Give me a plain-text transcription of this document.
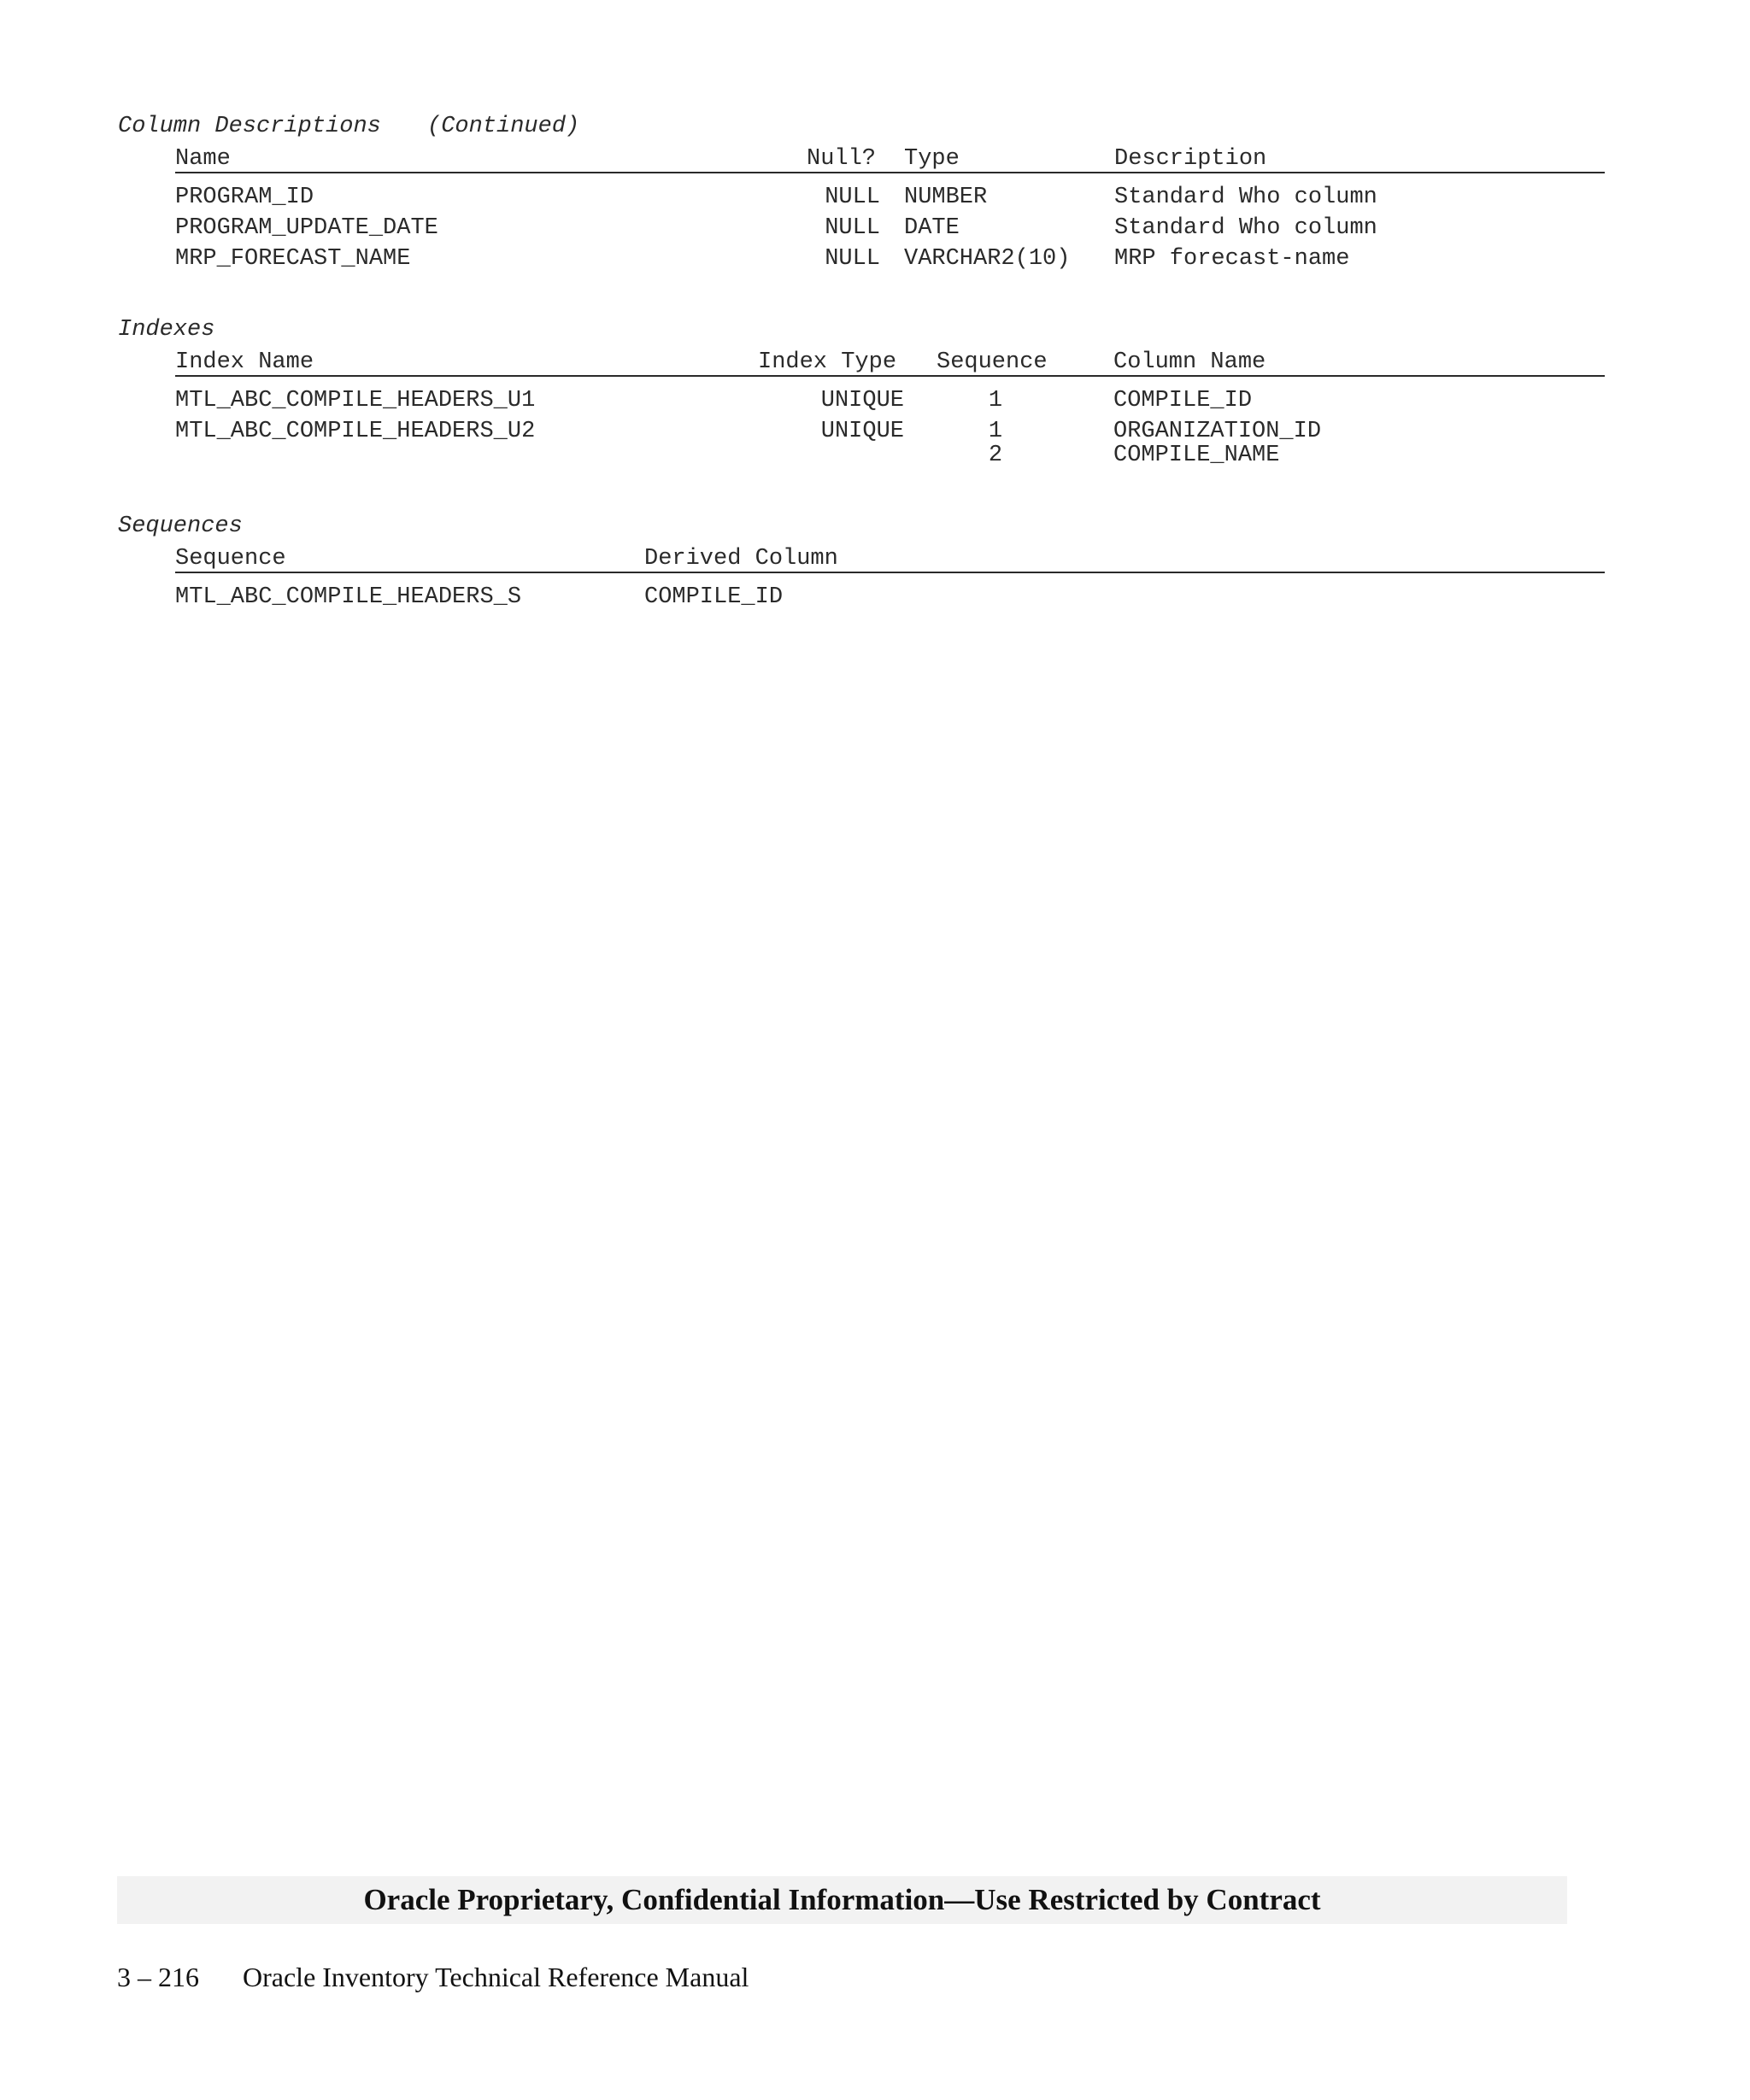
Column Descriptions (Continued)
Name	Null? Type	Description
PROGRAM_ID	NULL NUMBER	Standard Who column
PROGRAM_UPDATE_DATE	NULL DATE	Standard Who column
MRP_FORECAST_NAME	NULL VARCHAR2(10) MRP forecast-name
Indexes
Index Name	Index Type Sequence	Column Name
MTL_ABC_COMPILE_HEADERS_U1	UNIQUE	1	COMPILE_ID
MTL_ABC_COMPILE_HEADERS_U2	UNIQUE	1	ORGANIZATION_ID
2	COMPILE_NAME
Sequences
Sequence	Derived Column
MTL_ABC_COMPILE_HEADERS_S	COMPILE_ID
Oracle Proprietary, Confidential Information––Use Restricted by Contract
3 – 216 Oracle Inventory Technical Reference Manual
